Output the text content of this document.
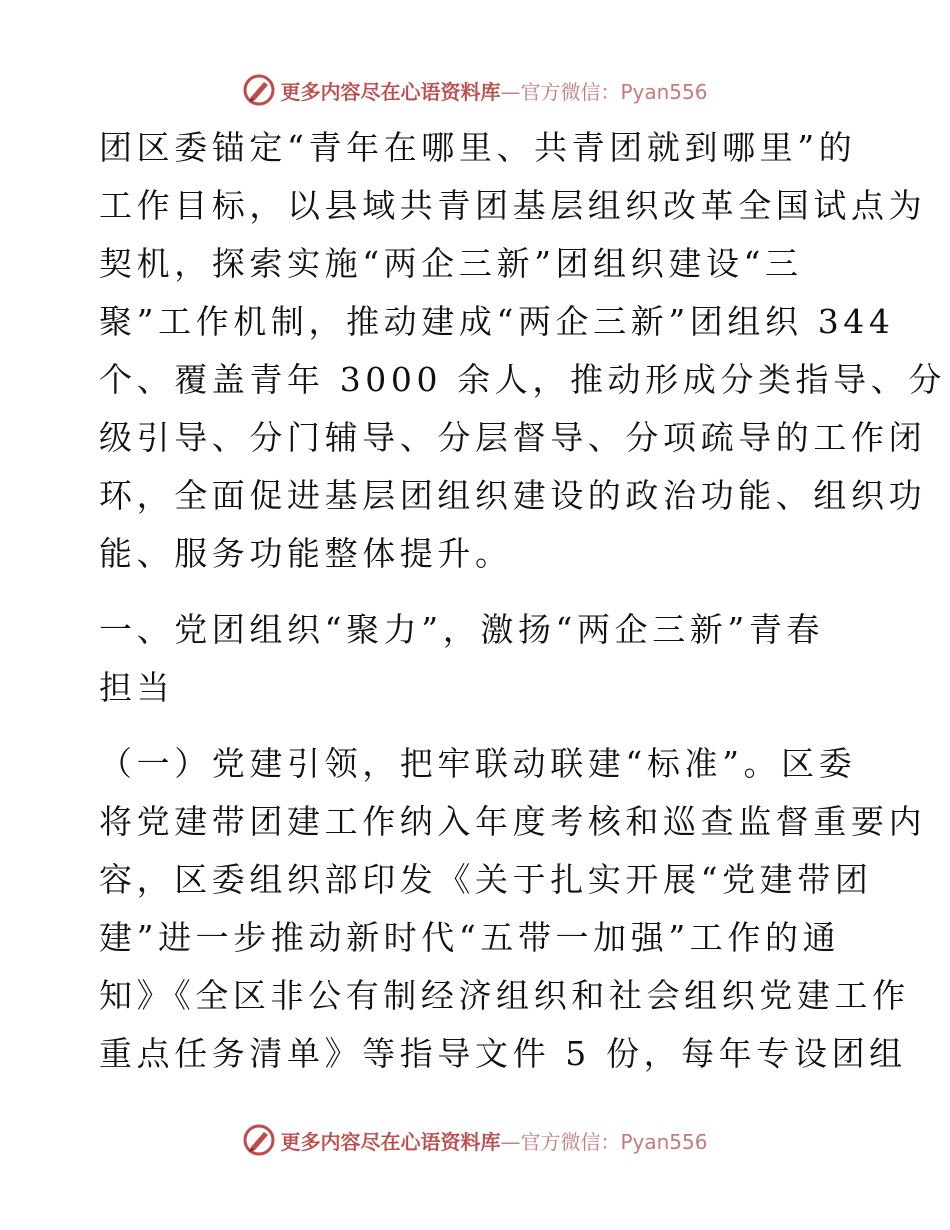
更多内容尽在心语资料库—官方微信：Pyan556
团区委锚定“青年在哪里、共青团就到哪里”的
工作目标，以县域共青团基层组织改革全国试点为
契机，探索实施“两企三新”团组织建设“三
聚”工作机制，推动建成“两企三新”团组织 344
个、覆盖青年 3000 余人，推动形成分类指导、分
级引导、分门辅导、分层督导、分项疏导的工作闭
环，全面促进基层团组织建设的政治功能、组织功
能、服务功能整体提升。
一、党团组织“聚力”，激扬“两企三新”青春
担当
（一）党建引领，把牢联动联建“标准”。区委
将党建带团建工作纳入年度考核和巡查监督重要内
容，区委组织部印发《关于扎实开展“党建带团
建”进一步推动新时代“五带一加强”工作的通
知》《全区非公有制经济组织和社会组织党建工作
重点任务清单》等指导文件 5 份，每年专设团组
更多内容尽在心语资料库—官方微信：Pyan556
